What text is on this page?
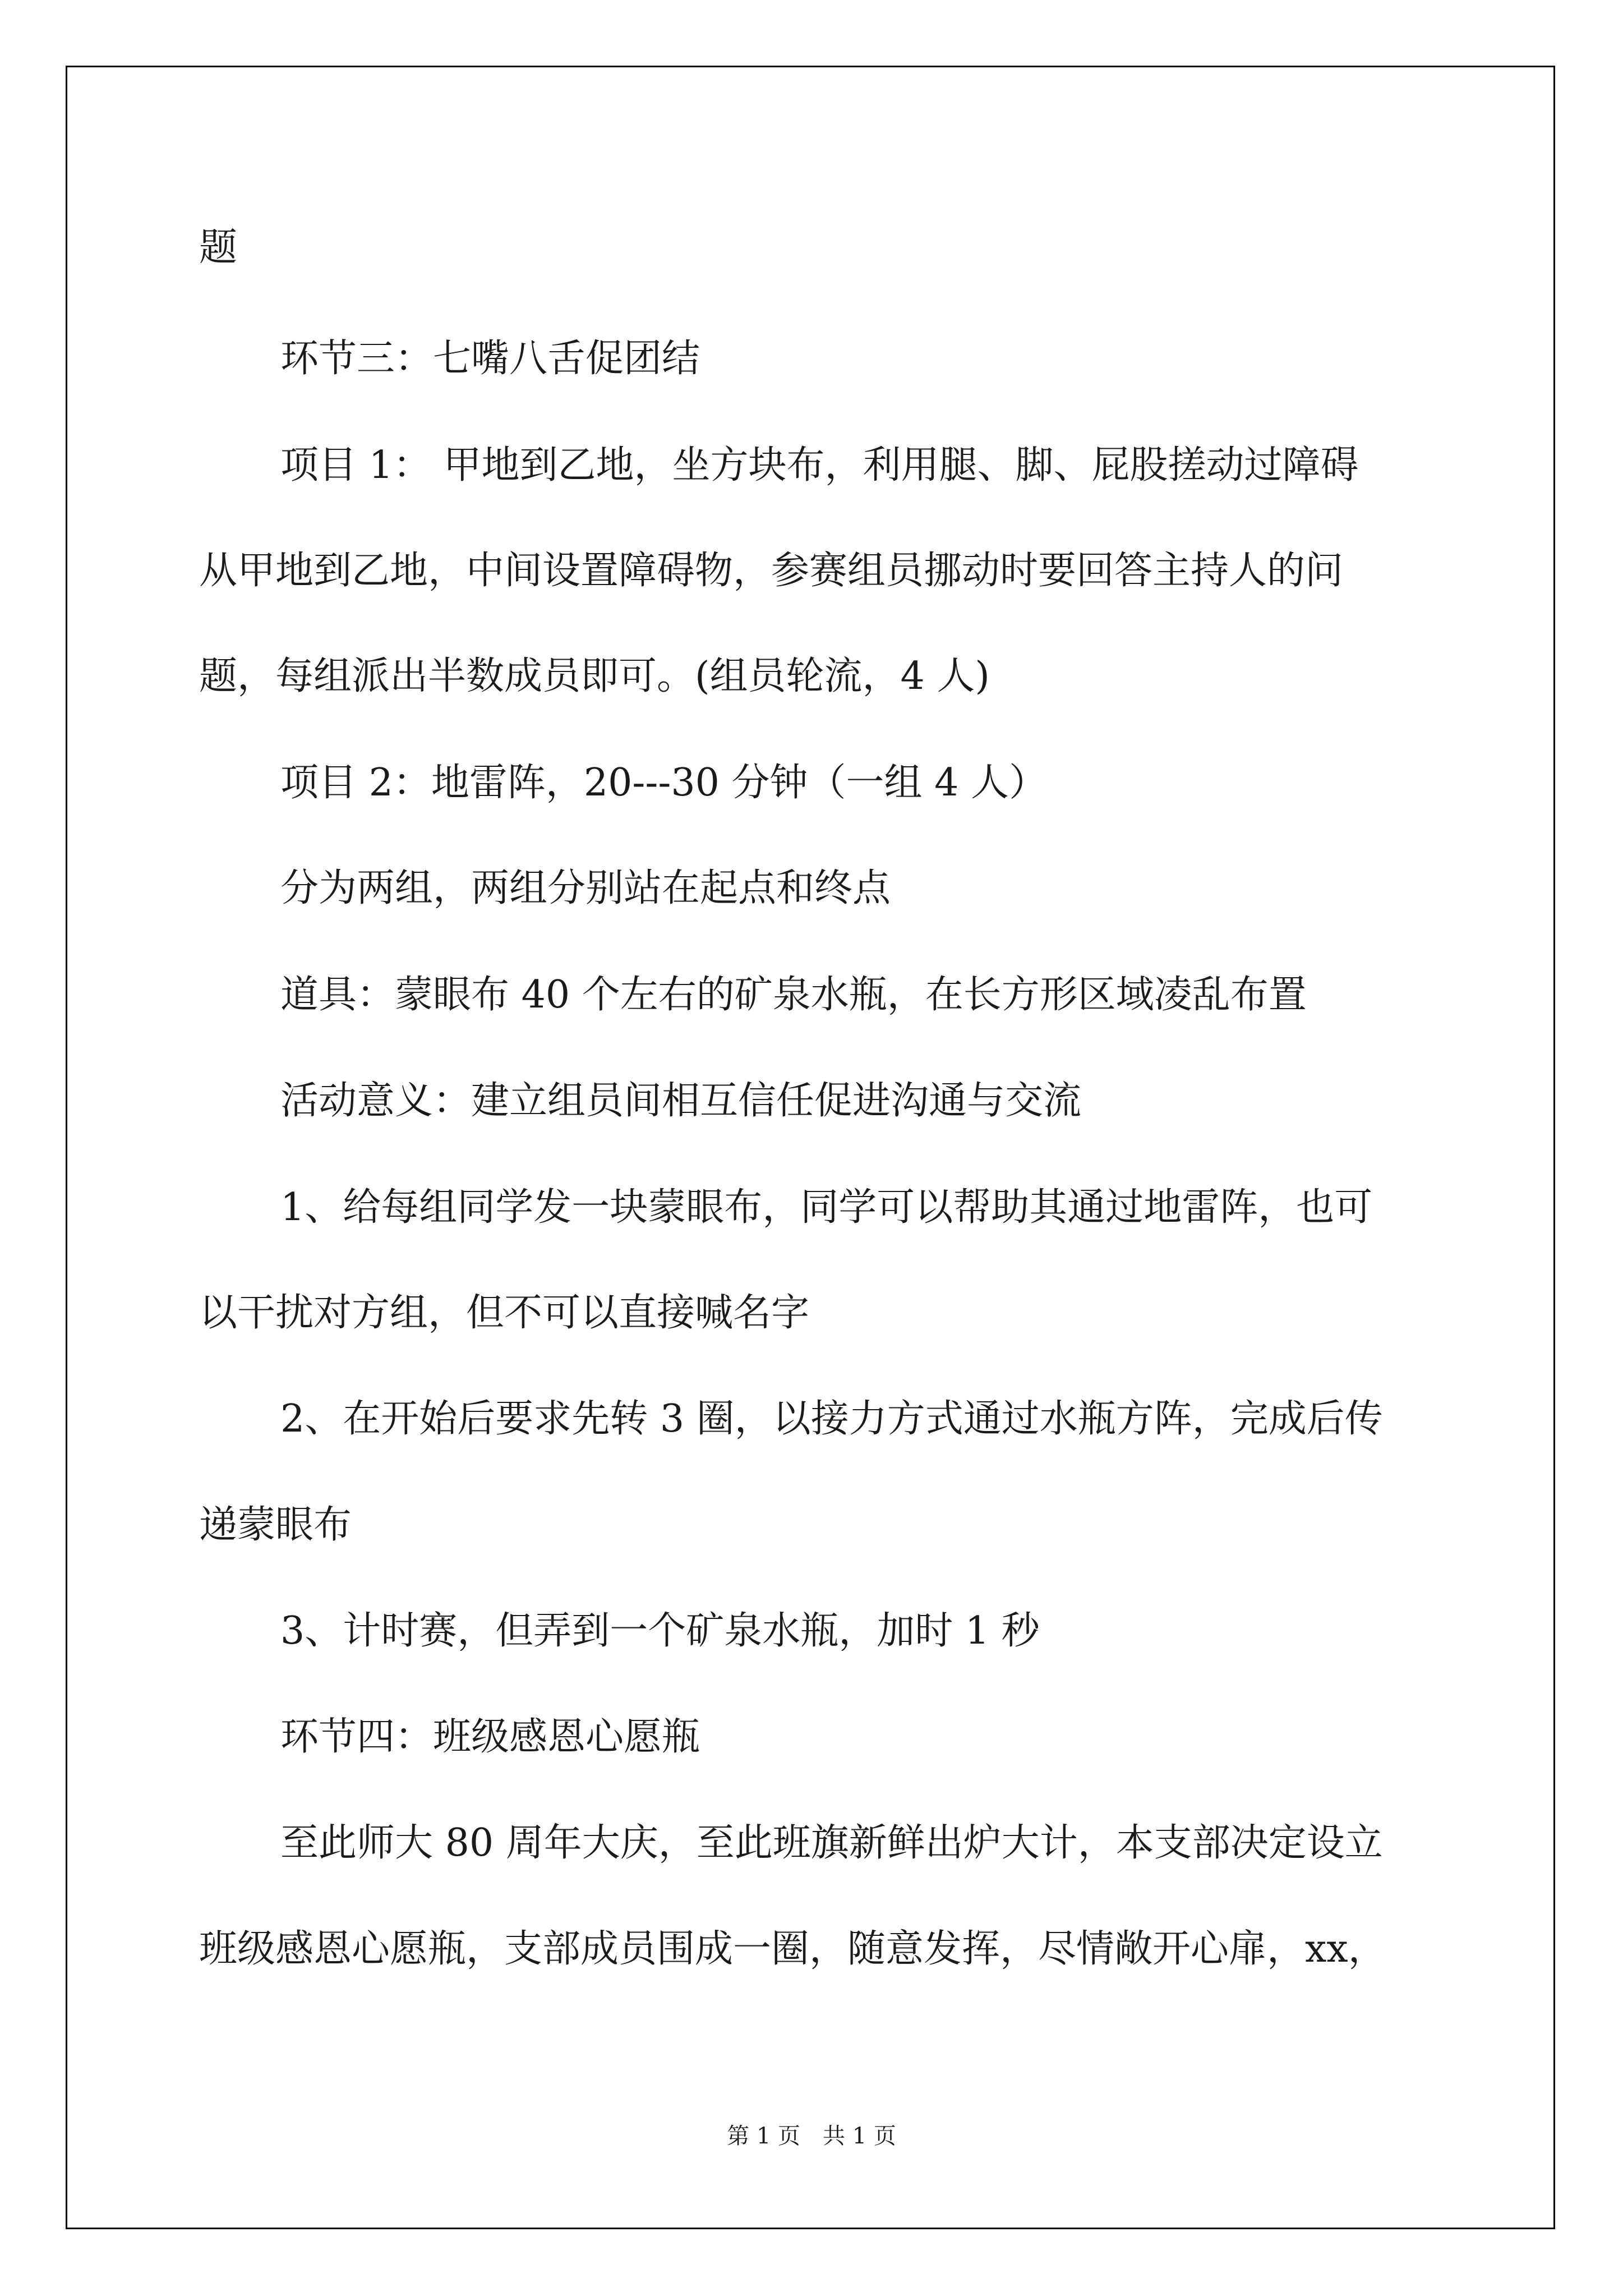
题
环节三：七嘴八舌促团结
项目 1： 甲地到乙地，坐方块布，利用腿、脚、屁股搓动过障碍
从甲地到乙地，中间设置障碍物，参赛组员挪动时要回答主持人的问
题，每组派出半数成员即可。(组员轮流，4 人)
项目 2：地雷阵，20---30 分钟（一组 4 人）
分为两组，两组分别站在起点和终点
道具：蒙眼布 40 个左右的矿泉水瓶，在长方形区域凌乱布置
活动意义：建立组员间相互信任促进沟通与交流
1、给每组同学发一块蒙眼布，同学可以帮助其通过地雷阵，也可
以干扰对方组，但不可以直接喊名字
2、在开始后要求先转 3 圈，以接力方式通过水瓶方阵，完成后传
递蒙眼布
3、计时赛，但弄到一个矿泉水瓶，加时 1 秒
环节四：班级感恩心愿瓶
至此师大 80 周年大庆，至此班旗新鲜出炉大计，本支部决定设立
班级感恩心愿瓶，支部成员围成一圈，随意发挥，尽情敞开心扉，xx，
第 1 页　共 1 页
